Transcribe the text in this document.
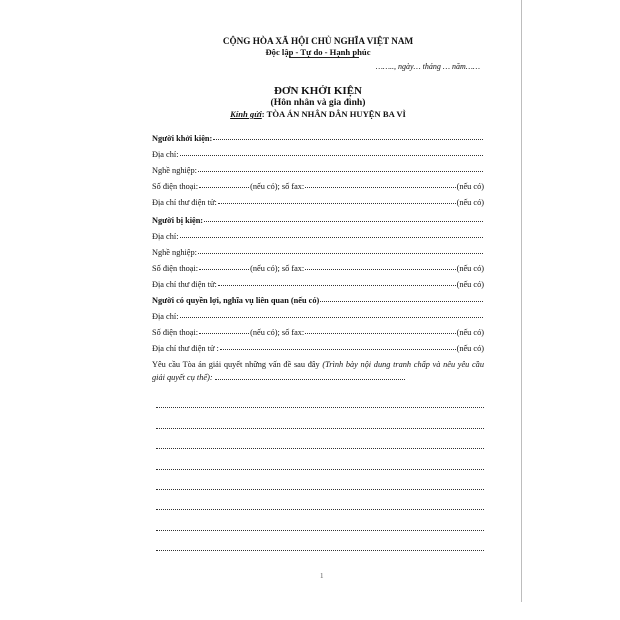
CỘNG HÒA XÃ HỘI CHỦ NGHĨA VIỆT NAM
Độc lập - Tự do - Hạnh phúc
…….., ngày… tháng … năm……
ĐƠN KHỞI KIỆN
(Hôn nhân và gia đình)
Kính gửi: TÒA ÁN NHÂN DÂN HUYỆN BA VÌ
Người khởi kiện:
Địa chỉ:
Nghề nghiệp:
Số điện thoại:	(nếu có); số fax:	(nếu có)
Địa chỉ thư điện tử:	(nếu có)
Người bị kiện:
Địa chỉ:
Nghề nghiệp:
Số điện thoại:	(nếu có); số fax:	(nếu có)
Địa chỉ thư điện tử:	(nếu có)
Người có quyền lợi, nghĩa vụ liên quan (nếu có)
Địa chỉ:
Số điện thoại:	(nếu có); số fax:	(nếu có)
Địa chỉ thư điện tử :	(nếu có)
Yêu cầu Tòa án giải quyết những vấn đề sau đây (Trình bày nội dung tranh chấp và nêu yêu cầu giải quyết cụ thể):
1
